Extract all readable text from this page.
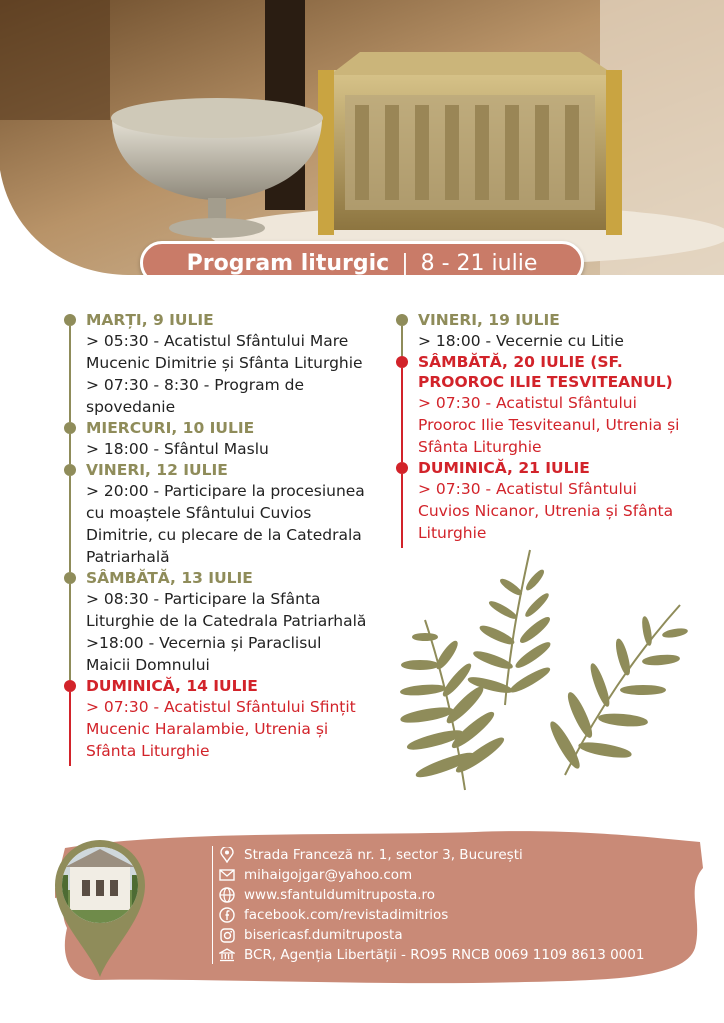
Program liturgic | 8 - 21 iulie
MARȚI, 9 IULIE
> 05:30 - Acatistul Sfântului Mare Mucenic Dimitrie și Sfânta Liturghie
> 07:30 - 8:30 - Program de spovedanie
MIERCURI, 10 IULIE
> 18:00 - Sfântul Maslu
VINERI, 12 IULIE
> 20:00 - Participare la procesiunea cu moaștele Sfântului Cuvios Dimitrie, cu plecare de la Catedrala Patriarhală
SÂMBĂTĂ, 13 IULIE
> 08:30 - Participare la Sfânta Liturghie de la Catedrala Patriarhală
>18:00 - Vecernia și Paraclisul Maicii Domnului
DUMINICĂ, 14 IULIE
> 07:30 - Acatistul Sfântului Sfințit Mucenic Haralambie, Utrenia și Sfânta Liturghie
VINERI, 19 IULIE
> 18:00 - Vecernie cu Litie
SÂMBĂTĂ, 20 IULIE (SF. PROOROC ILIE TESVITEANUL)
> 07:30 - Acatistul Sfântului Prooroc Ilie Tesviteanul, Utrenia și Sfânta Liturghie
DUMINICĂ, 21 IULIE
> 07:30 - Acatistul Sfântului Cuvios Nicanor, Utrenia și Sfânta Liturghie
Strada Franceză nr. 1, sector 3, București
mihaigojgar@yahoo.com
www.sfantuldumitruposta.ro
facebook.com/revistadimitrios
bisericasf.dumitruposta
BCR, Agenția Libertății - RO95 RNCB 0069 1109 8613 0001
